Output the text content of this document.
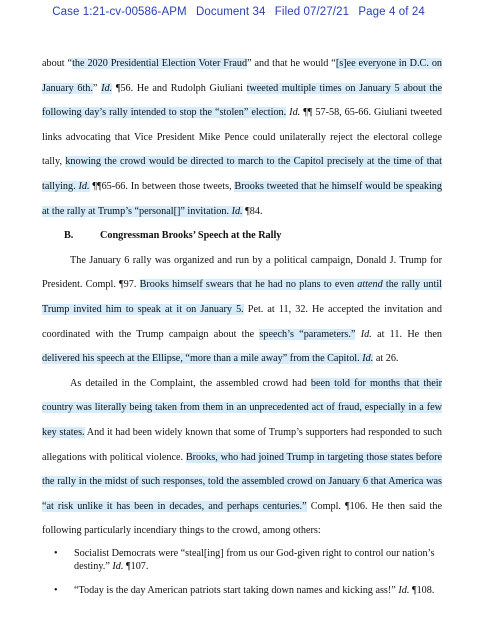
Case 1:21-cv-00586-APM Document 34 Filed 07/27/21 Page 4 of 24

about “the 2020 Presidential Election Voter Fraud” and that he would “[s]ee everyone in D.C. on January 6th.” Id. ¶56. He and Rudolph Giuliani tweeted multiple times on January 5 about the following day’s rally intended to stop the “stolen” election. Id. ¶¶ 57-58, 65-66. Giuliani tweeted links advocating that Vice President Mike Pence could unilaterally reject the electoral college tally, knowing the crowd would be directed to march to the Capitol precisely at the time of that tallying. Id. ¶¶65-66. In between those tweets, Brooks tweeted that he himself would be speaking at the rally at Trump’s “personal[]” invitation. Id. ¶84.

B.	Congressman Brooks’ Speech at the Rally

The January 6 rally was organized and run by a political campaign, Donald J. Trump for President. Compl. ¶97. Brooks himself swears that he had no plans to even attend the rally until Trump invited him to speak at it on January 5. Pet. at 11, 32. He accepted the invitation and coordinated with the Trump campaign about the speech’s “parameters.” Id. at 11. He then delivered his speech at the Ellipse, “more than a mile away” from the Capitol. Id. at 26.

As detailed in the Complaint, the assembled crowd had been told for months that their country was literally being taken from them in an unprecedented act of fraud, especially in a few key states. And it had been widely known that some of Trump’s supporters had responded to such allegations with political violence. Brooks, who had joined Trump in targeting those states before the rally in the midst of such responses, told the assembled crowd on January 6 that America was “at risk unlike it has been in decades, and perhaps centuries.” Compl. ¶106. He then said the following particularly incendiary things to the crowd, among others:

• Socialist Democrats were “steal[ing] from us our God-given right to control our nation’s destiny.” Id. ¶107.
• “Today is the day American patriots start taking down names and kicking ass!” Id. ¶108.
